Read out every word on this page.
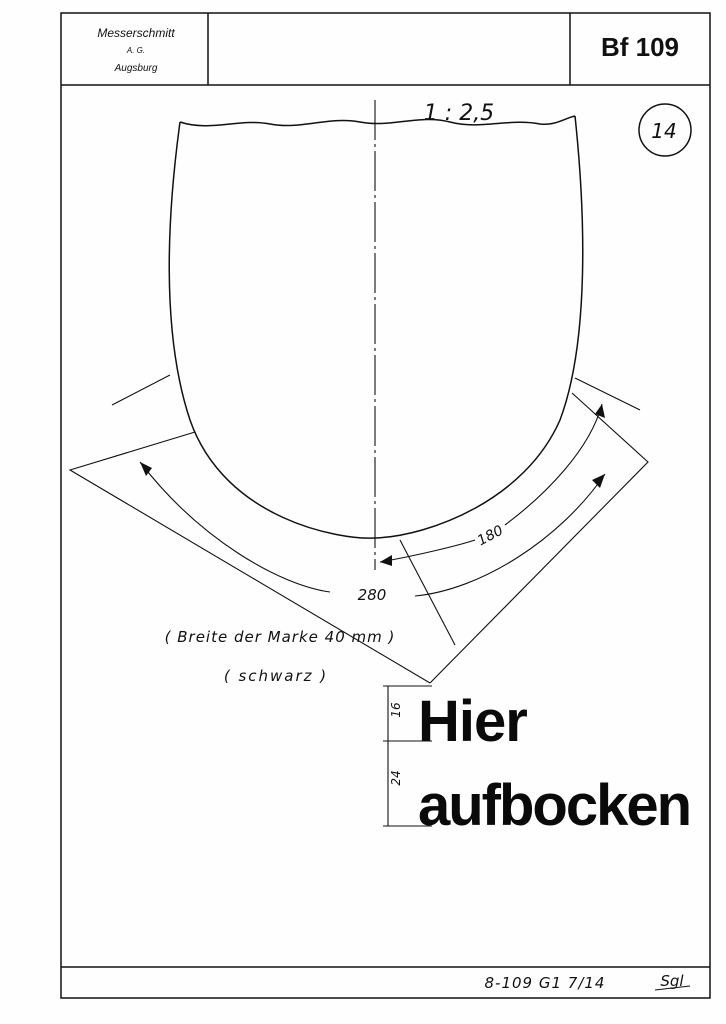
Messerschmitt
A. G.
Augsburg
Bf 109
1 : 2,5
14
280
180
( Breite der Marke 40 mm )
( schwarz )
16
24
Hier
aufbocken
8-109 G1 7/14	Sgl
